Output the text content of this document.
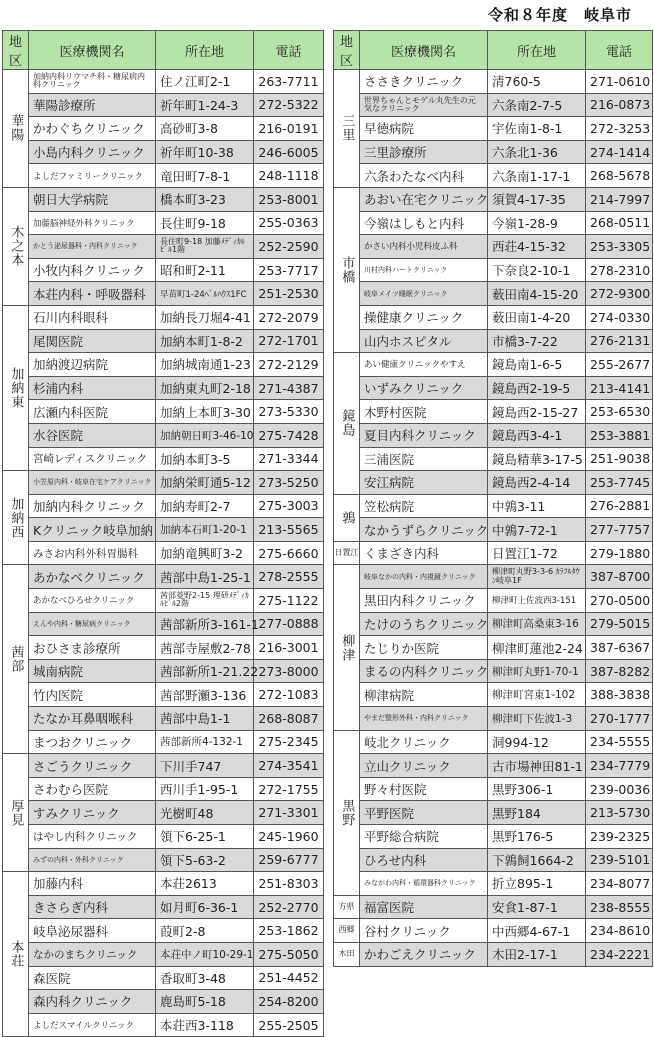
令和８年度　岐阜市
地区	医療機関名	所在地	電話
華陽	加納内科リウマチ科・糖尿病内科クリニック	住ノ江町2-1	263-7711
	華陽診療所	祈年町1-24-3	272-5322
	かわぐちクリニック	高砂町3-8	216-0191
	小島内科クリニック	祈年町10-38	246-6005
	よしだファミリークリニック	竜田町7-8-1	248-1118
木之本	朝日大学病院	橋本町3-23	253-8001
	加藤脳神経外科クリニック	長住町9-18	255-0363
	かとう泌尿器科・内科クリニック	長住町9-18 加藤ﾒﾃﾞｨｶﾙﾋﾞﾙ1階	252-2590
	小牧内科クリニック	昭和町2-11	253-7717
	本荘内科・呼吸器科	早苗町1-24ﾍﾞﾙﾊｳｽ1FC	251-2530
加納東	石川内科眼科	加納長刀堀4-41	272-2079
	尾関医院	加納本町1-8-2	272-1701
	加納渡辺病院	加納城南通1-23	272-2129
	杉浦内科	加納東丸町2-18	271-4387
	広瀬内科医院	加納上本町3-30	273-5330
	水谷医院	加納朝日町3-46-10	275-7428
	宮崎レディスクリニック	加納本町3-5	271-3344
加納西	小笠原内科・岐阜在宅ケアクリニック	加納栄町通5-12	273-5250
	加納内科クリニック	加納寿町2-7	275-3003
	Kクリニック岐阜加納	加納本石町1-20-1	213-5565
	みさお内科外科胃腸科	加納竜興町3-2	275-6660
茜部	あかなべクリニック	茜部中島1-25-1	278-2555
	あかなべひろせクリニック	茜部菱野2-15 理研ﾒﾃﾞｨｶﾙﾋﾞﾙ2階	275-1122
	えんや内科・糖尿病クリニック	茜部新所3-161-1	277-0888
	おひさま診療所	茜部寺屋敷2-78	216-3001
	城南病院	茜部新所1-21.22	273-8000
	竹内医院	茜部野瀬3-136	272-1083
	たなか耳鼻咽喉科	茜部中島1-1	268-8087
	まつおクリニック	茜部新所4-132-1	275-2345
厚見	さごうクリニック	下川手747	274-3541
	さわむら医院	西川手1-95-1	272-1755
	すみクリニック	光樹町48	271-3301
	はやし内科クリニック	領下6-25-1	245-1960
	みずの内科・外科クリニック	領下5-63-2	259-6777
本荘	加藤内科	本荘2613	251-8303
	きさらぎ内科	如月町6-36-1	252-2770
	岐阜泌尿器科	葭町2-8	253-1862
	なかのまちクリニック	本荘中ノ町10-29-1	275-5050
	森医院	香取町3-48	251-4452
	森内科クリニック	鹿島町5-18	254-8200
	よしだスマイルクリニック	本荘西3-118	255-2505
地区	医療機関名	所在地	電話
三里	ささきクリニック	清760-5	271-0610
	世界ちゃんとモゲル丸先生の元気なクリニック	六条南2-7-5	216-0873
	早徳病院	宇佐南1-8-1	272-3253
	三里診療所	六条北1-36	274-1414
	六条わたなべ内科	六条南1-17-1	268-5678
市橋	あおい在宅クリニック	須賀4-17-35	214-7997
	今嶺はしもと内科	今嶺1-28-9	268-0511
	かさい内科小児科皮ふ科	西荘4-15-32	253-3305
	川村内科ハートクリニック	下奈良2-10-1	278-2310
	岐阜メイツ睡眠クリニック	薮田南4-15-20	272-9300
	操健康クリニック	薮田南1-4-20	274-0330
	山内ホスピタル	市橋3-7-22	276-2131
鏡島	あい健康クリニックやすえ	鏡島南1-6-5	255-2677
	いずみクリニック	鏡島西2-19-5	213-4141
	木野村医院	鏡島西2-15-27	253-6530
	夏目内科クリニック	鏡島西3-4-1	253-3881
	三浦医院	鏡島精華3-17-5	251-9038
	安江病院	鏡島西2-4-14	253-7745
鶉	笠松病院	中鶉3-11	276-2881
	なかうずらクリニック	中鶉7-72-1	277-7757
日置江	くまざき内科	日置江1-72	279-1880
柳津	岐阜なかの内科・内視鏡クリニック	柳津町丸野3-3-6 ｶﾗﾌﾙﾀｳﾝ岐阜1F	387-8700
	黒田内科クリニック	柳津町上佐波西3-151	270-0500
	たけのうちクリニック	柳津町高桑東3-16	279-5015
	たじりか医院	柳津町蓮池2-24	387-6367
	まるの内科クリニック	柳津町丸野1-70-1	387-8282
	柳津病院	柳津町宮東1-102	388-3838
	やまだ整形外科・内科クリニック	柳津町下佐波1-3	270-1777
黒野	岐北クリニック	洞994-12	234-5555
	立山クリニック	古市場神田81-1	234-7779
	野々村医院	黒野306-1	239-0036
	平野医院	黒野184	213-5730
	平野総合病院	黒野176-5	239-2325
	ひろせ内科	下鶉飼1664-2	239-5101
	みながわ内科・循環器科クリニック	折立895-1	234-8077
方県	福富医院	安食1-87-1	238-8555
西郷	谷村クリニック	中西郷4-67-1	234-8610
木田	かわごえクリニック	木田2-17-1	234-2221
